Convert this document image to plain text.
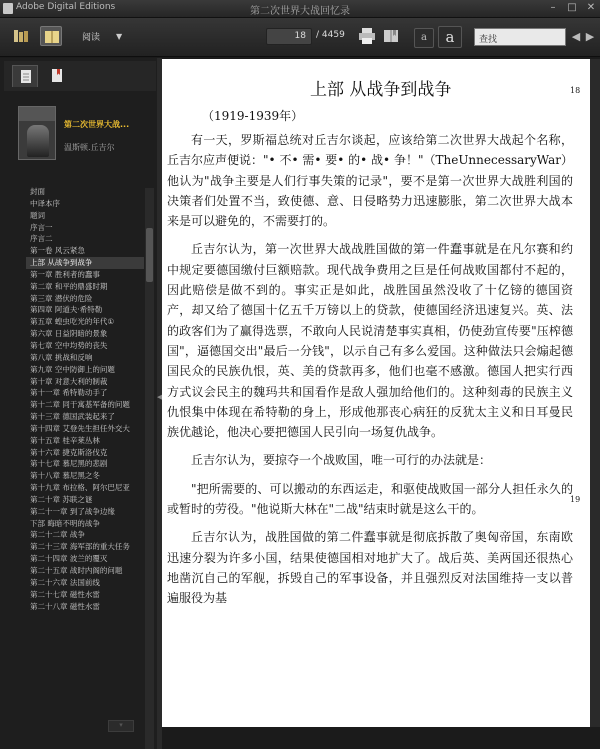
Adobe Digital Editions	第二次世界大战回忆录	– □ ✕
阅读 ▼	18	/ 4459	a	a	查找	◀ ▶
第二次世界大战...
温斯顿.丘吉尔
封面
中译本序
题词
序言一
序言二
第一卷 风云紧急
上部 从战争到战争
第一章 胜利者的蠢事
第二章 和平的鼎盛时期
第三章 潜伏的危险
第四章 阿道夫·希特勒
第五章 蝗虫吃光的年代①
第六章 日益阴暗的景象
第七章 空中均势的丧失
第八章 挑战和反响
第九章 空中防御上的问题
第十章 对意大利的制裁
第十一章 希特勒动手了
第十二章 同于寓基军备的问题
第十三章 德国武装起来了
第十四章 艾登先生担任外交大
第十五章 桂辛莱丛林
第十六章 捷克斯洛伐克
第十七章 慕尼黑的悲剧
第十八章 慕尼黑之冬
第十九章 布拉格、阿尔巴尼亚
第二十章 苏联之谜
第二十一章 到了战争边缘
下部 晦暗不明的战争
第二十二章 战争
第二十三章 海军部的重大任务
第二十四章 波兰的覆灭
第二十五章 战时内阁的问题
第二十六章 法国前线
第二十七章 磁性水雷
第二十八章 磁性水雷
▾
◀
上部 从战争到战争	18
19
（1919-1939年）

有一天，罗斯福总统对丘吉尔谈起，应该给第二次世界大战起个名称，丘吉尔应声便说："• 不• 需• 要• 的• 战• 争！"（TheUnnecessaryWar）他认为"战争主要是人们行事失策的记录"，要不是第一次世界大战胜利国的决策者们处置不当，致使德、意、日侵略势力迅速膨胀，第二次世界大战本来是可以避免的，不需要打的。

丘吉尔认为，第一次世界大战战胜国做的第一件蠢事就是在凡尔赛和约中规定要德国缴付巨额赔款。现代战争费用之巨是任何战败国都付不起的，因此赔偿是做不到的。事实正是如此，战胜国虽然没收了十亿镑的德国资产，却又给了德国十亿五千万镑以上的贷款，使德国经济迅速复兴。英、法的政客们为了赢得选票，不敢向人民说清楚事实真相，仍使劲宣传要"压榨德国"，逼德国交出"最后一分钱"，以示自己有多么爱国。这种做法只会煽起德国民众的民族仇恨，英、美的贷款再多，他们也毫不感激。德国人把实行西方式议会民主的魏玛共和国看作是敌人强加给他们的。这种刻毒的民族主义仇恨集中体现在希特勒的身上，形成他那丧心病狂的反犹太主义和日耳曼民族优越论，他决心要把德国人民引向一场复仇战争。

丘吉尔认为，要掠夺一个战败国，唯一可行的办法就是：

"把所需要的、可以搬动的东西运走，和驱使战败国一部分人担任永久的或暂时的劳役。"他说斯大林在"二战"结束时就是这么干的。

丘吉尔认为，战胜国做的第二件蠢事就是彻底拆散了奥匈帝国，东南欧迅速分裂为许多小国，结果使德国相对地扩大了。战后英、美两国还很热心地凿沉自己的军舰，拆毁自己的军事设备，并且强烈反对法国维持一支以普遍服役为基
